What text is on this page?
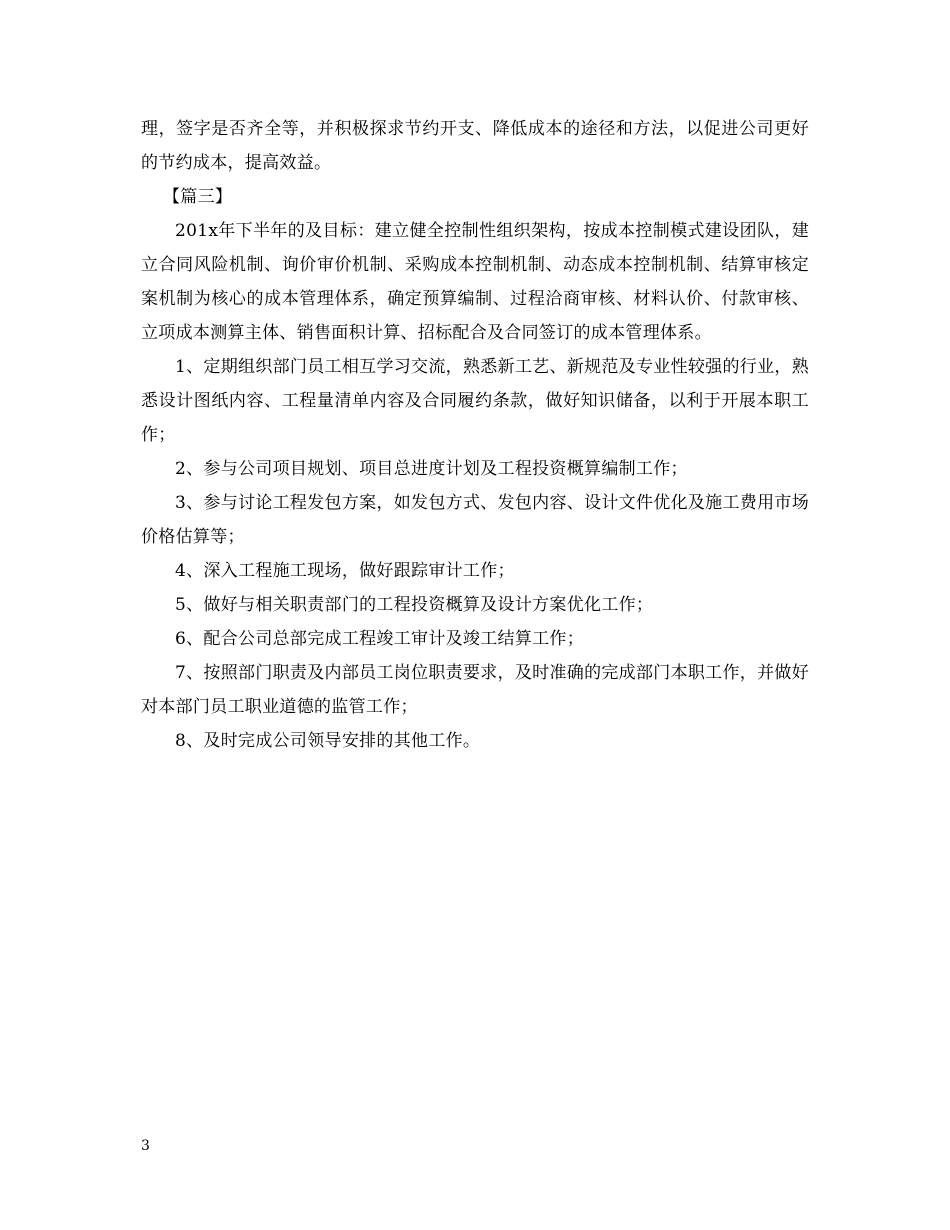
理，签字是否齐全等，并积极探求节约开支、降低成本的途径和方法，以促进公司更好的节约成本，提高效益。

【篇三】

201x年下半年的及目标：建立健全控制性组织架构，按成本控制模式建设团队，建立合同风险机制、询价审价机制、采购成本控制机制、动态成本控制机制、结算审核定案机制为核心的成本管理体系，确定预算编制、过程洽商审核、材料认价、付款审核、立项成本测算主体、销售面积计算、招标配合及合同签订的成本管理体系。

1、定期组织部门员工相互学习交流，熟悉新工艺、新规范及专业性较强的行业，熟悉设计图纸内容、工程量清单内容及合同履约条款，做好知识储备，以利于开展本职工作；

2、参与公司项目规划、项目总进度计划及工程投资概算编制工作；

3、参与讨论工程发包方案，如发包方式、发包内容、设计文件优化及施工费用市场价格估算等；

4、深入工程施工现场，做好跟踪审计工作；

5、做好与相关职责部门的工程投资概算及设计方案优化工作；

6、配合公司总部完成工程竣工审计及竣工结算工作；

7、按照部门职责及内部员工岗位职责要求，及时准确的完成部门本职工作，并做好对本部门员工职业道德的监管工作；

8、及时完成公司领导安排的其他工作。

3
